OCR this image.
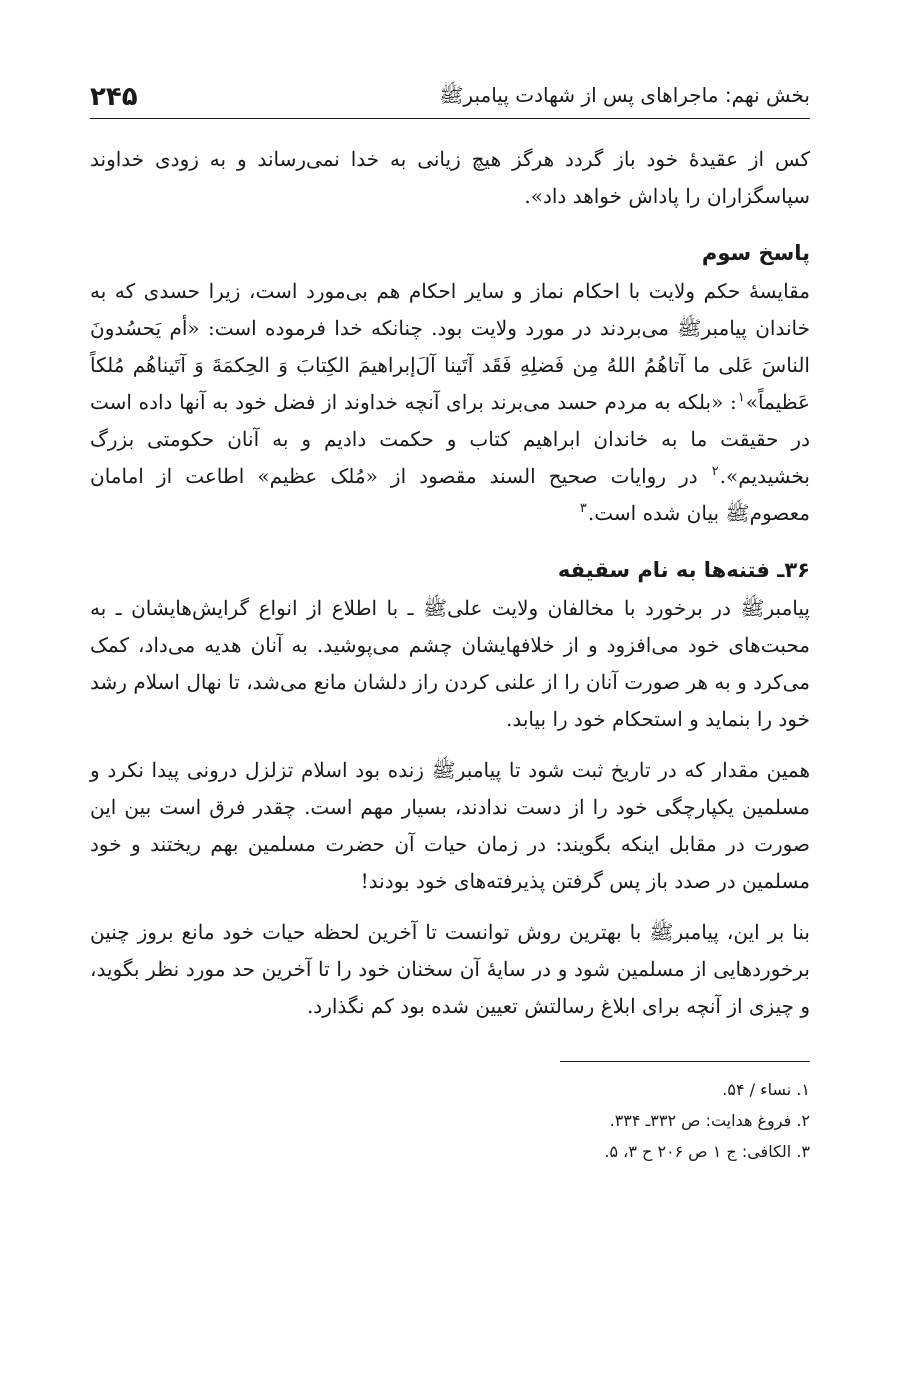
بخش نهم: ماجراهای پس از شهادت پیامبرﷺ
۲۴۵

کس از عقیدۀ خود باز گردد هرگز هیچ زیانی به خدا نمی‌رساند و به زودی خداوند سپاسگزاران را پاداش خواهد داد».

پاسخ سوم

مقایسۀ حکم ولایت با احکام نماز و سایر احکام هم بی‌مورد است، زیرا حسدی که به خاندان پیامبرﷺ می‌بردند در مورد ولایت بود. چنانکه خدا فرموده است: «أم یَحسُدونَ الناسَ عَلی ما آتاهُمُ اللهُ مِن فَضلِهِ فَقَد آتَینا آلَ‌إبراهیمَ الکِتابَ وَ الحِکمَةَ وَ آتَیناهُم مُلکاً عَظیماً»$^۱$: «بلکه به مردم حسد می‌برند برای آنچه خداوند از فضل خود به آنها داده است در حقیقت ما به خاندان ابراهیم کتاب و حکمت دادیم و به آنان حکومتی بزرگ بخشیدیم».$^۲$ در روایات صحیح السند مقصود از «مُلک عظیم» اطاعت از امامان معصومﷺ بیان شده است.$^۳$

۳۶ـ فتنه‌ها به نام سقیفه

پیامبرﷺ در برخورد با مخالفان ولایت علیﷺ ـ با اطلاع از انواع گرایش‌هایشان ـ به محبت‌های خود می‌افزود و از خلافهایشان چشم می‌پوشید. به آنان هدیه می‌داد، کمک می‌کرد و به هر صورت آنان را از علنی کردن راز دلشان مانع می‌شد، تا نهال اسلام رشد خود را بنماید و استحکام خود را بیابد.

همین مقدار که در تاریخ ثبت شود تا پیامبرﷺ زنده بود اسلام تزلزل درونی پیدا نکرد و مسلمین یکپارچگی خود را از دست ندادند، بسیار مهم است. چقدر فرق است بین این صورت در مقابل اینکه بگویند: در زمان حیات آن حضرت مسلمین بهم ریختند و خود مسلمین در صدد باز پس گرفتن پذیرفته‌های خود بودند!

بنا بر این، پیامبرﷺ با بهترین روش توانست تا آخرین لحظه حیات خود مانع بروز چنین برخوردهایی از مسلمین شود و در سایۀ آن سخنان خود را تا آخرین حد مورد نظر بگوید، و چیزی از آنچه برای ابلاغ رسالتش تعیین شده بود کم نگذارد.

۱. نساء / ۵۴.
۲. فروغ هدایت: ص ۳۳۲ـ ۳۳۴.
۳. الکافی: ج ۱ ص ۲۰۶ ح ۳، ۵.
